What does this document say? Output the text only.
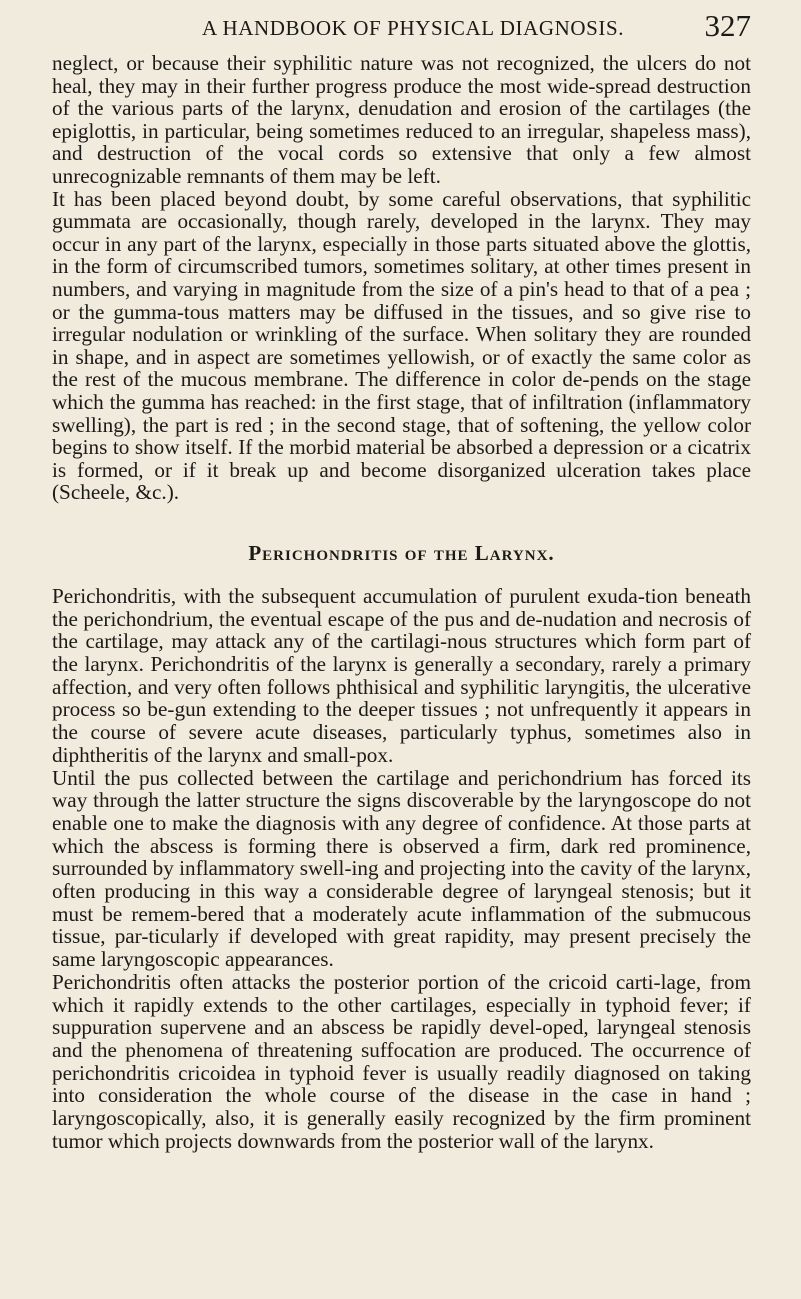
A HANDBOOK OF PHYSICAL DIAGNOSIS.	327

neglect, or because their syphilitic nature was not recognized, the ulcers do not heal, they may in their further progress produce the most wide-spread destruction of the various parts of the larynx, denudation and erosion of the cartilages (the epiglottis, in particular, being sometimes reduced to an irregular, shapeless mass), and destruction of the vocal cords so extensive that only a few almost unrecognizable remnants of them may be left.

It has been placed beyond doubt, by some careful observations, that syphilitic gummata are occasionally, though rarely, developed in the larynx. They may occur in any part of the larynx, especially in those parts situated above the glottis, in the form of circumscribed tumors, sometimes solitary, at other times present in numbers, and varying in magnitude from the size of a pin's head to that of a pea ; or the gumma-tous matters may be diffused in the tissues, and so give rise to irregular nodulation or wrinkling of the surface. When solitary they are rounded in shape, and in aspect are sometimes yellowish, or of exactly the same color as the rest of the mucous membrane. The difference in color de-pends on the stage which the gumma has reached: in the first stage, that of infiltration (inflammatory swelling), the part is red ; in the second stage, that of softening, the yellow color begins to show itself. If the morbid material be absorbed a depression or a cicatrix is formed, or if it break up and become disorganized ulceration takes place (Scheele, &c.).

Perichondritis of the Larynx.

Perichondritis, with the subsequent accumulation of purulent exuda-tion beneath the perichondrium, the eventual escape of the pus and de-nudation and necrosis of the cartilage, may attack any of the cartilagi-nous structures which form part of the larynx. Perichondritis of the larynx is generally a secondary, rarely a primary affection, and very often follows phthisical and syphilitic laryngitis, the ulcerative process so be-gun extending to the deeper tissues ; not unfrequently it appears in the course of severe acute diseases, particularly typhus, sometimes also in diphtheritis of the larynx and small-pox.

Until the pus collected between the cartilage and perichondrium has forced its way through the latter structure the signs discoverable by the laryngoscope do not enable one to make the diagnosis with any degree of confidence. At those parts at which the abscess is forming there is observed a firm, dark red prominence, surrounded by inflammatory swell-ing and projecting into the cavity of the larynx, often producing in this way a considerable degree of laryngeal stenosis; but it must be remem-bered that a moderately acute inflammation of the submucous tissue, par-ticularly if developed with great rapidity, may present precisely the same laryngoscopic appearances.

Perichondritis often attacks the posterior portion of the cricoid carti-lage, from which it rapidly extends to the other cartilages, especially in typhoid fever; if suppuration supervene and an abscess be rapidly devel-oped, laryngeal stenosis and the phenomena of threatening suffocation are produced. The occurrence of perichondritis cricoidea in typhoid fever is usually readily diagnosed on taking into consideration the whole course of the disease in the case in hand ; laryngoscopically, also, it is generally easily recognized by the firm prominent tumor which projects downwards from the posterior wall of the larynx.
